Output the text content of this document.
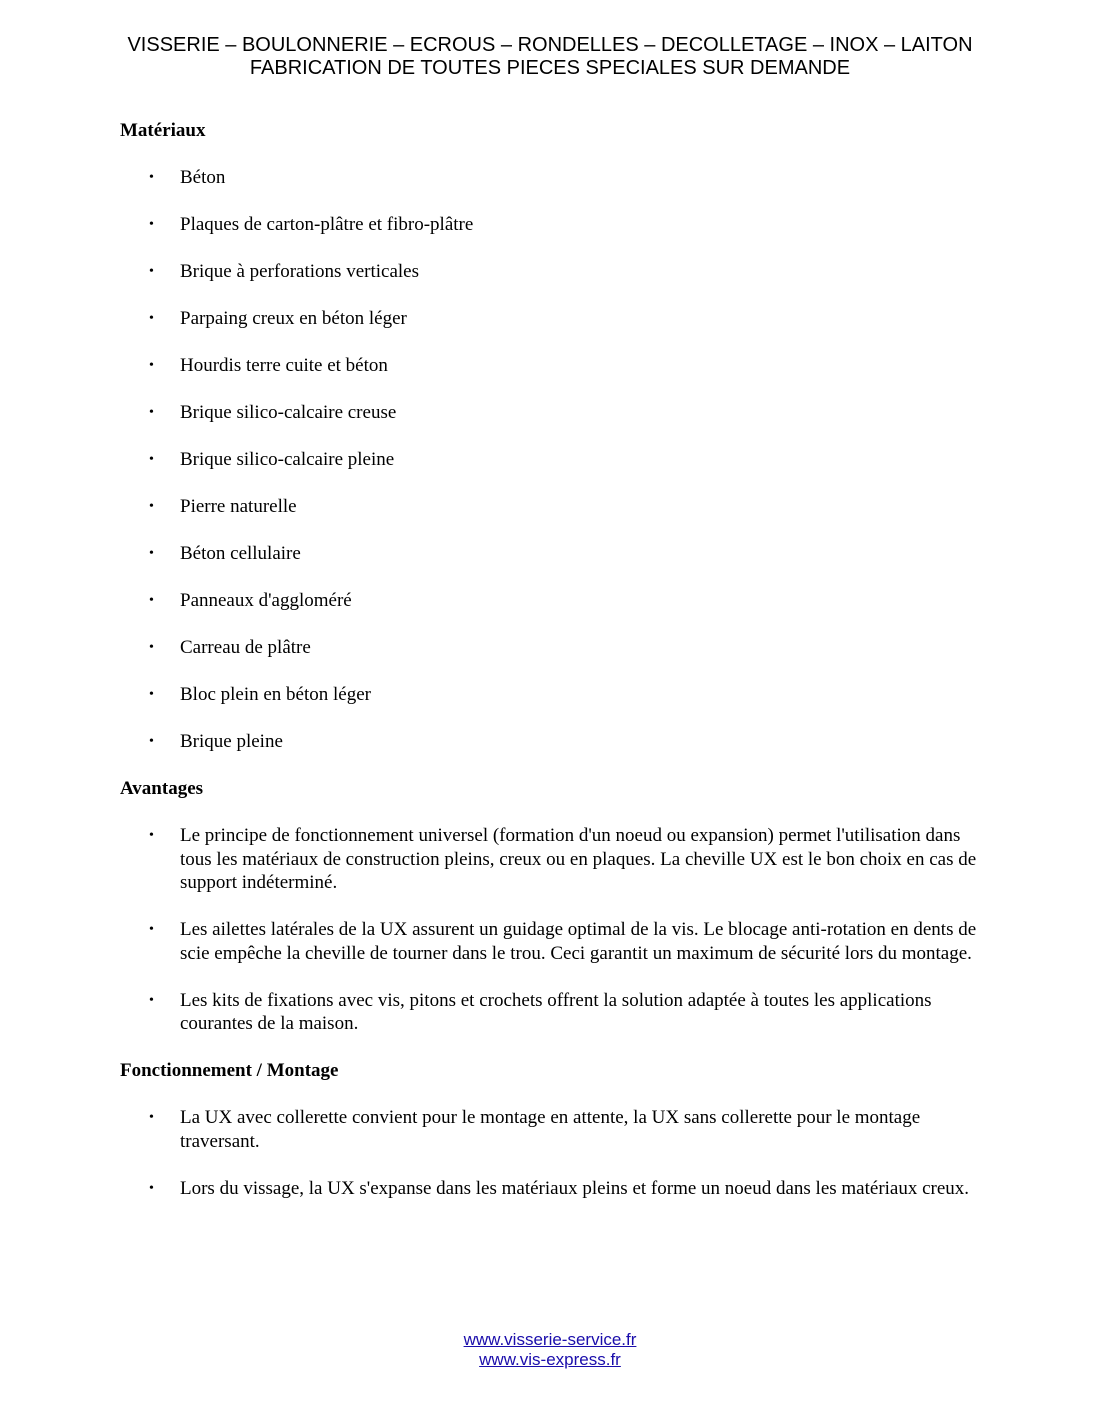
VISSERIE – BOULONNERIE – ECROUS – RONDELLES – DECOLLETAGE – INOX – LAITON
FABRICATION DE TOUTES PIECES SPECIALES SUR DEMANDE
Matériaux
• Béton
• Plaques de carton-plâtre et fibro-plâtre
• Brique à perforations verticales
• Parpaing creux en béton léger
• Hourdis terre cuite et béton
• Brique silico-calcaire creuse
• Brique silico-calcaire pleine
• Pierre naturelle
• Béton cellulaire
• Panneaux d'aggloméré
• Carreau de plâtre
• Bloc plein en béton léger
• Brique pleine
Avantages
• Le principe de fonctionnement universel (formation d'un noeud ou expansion) permet l'utilisation dans tous les matériaux de construction pleins, creux ou en plaques. La cheville UX est le bon choix en cas de support indéterminé.
• Les ailettes latérales de la UX assurent un guidage optimal de la vis. Le blocage anti-rotation en dents de scie empêche la cheville de tourner dans le trou. Ceci garantit un maximum de sécurité lors du montage.
• Les kits de fixations avec vis, pitons et crochets offrent la solution adaptée à toutes les applications courantes de la maison.
Fonctionnement / Montage
• La UX avec collerette convient pour le montage en attente, la UX sans collerette pour le montage traversant.
• Lors du vissage, la UX s'expanse dans les matériaux pleins et forme un noeud dans les matériaux creux.
www.visserie-service.fr
www.vis-express.fr
